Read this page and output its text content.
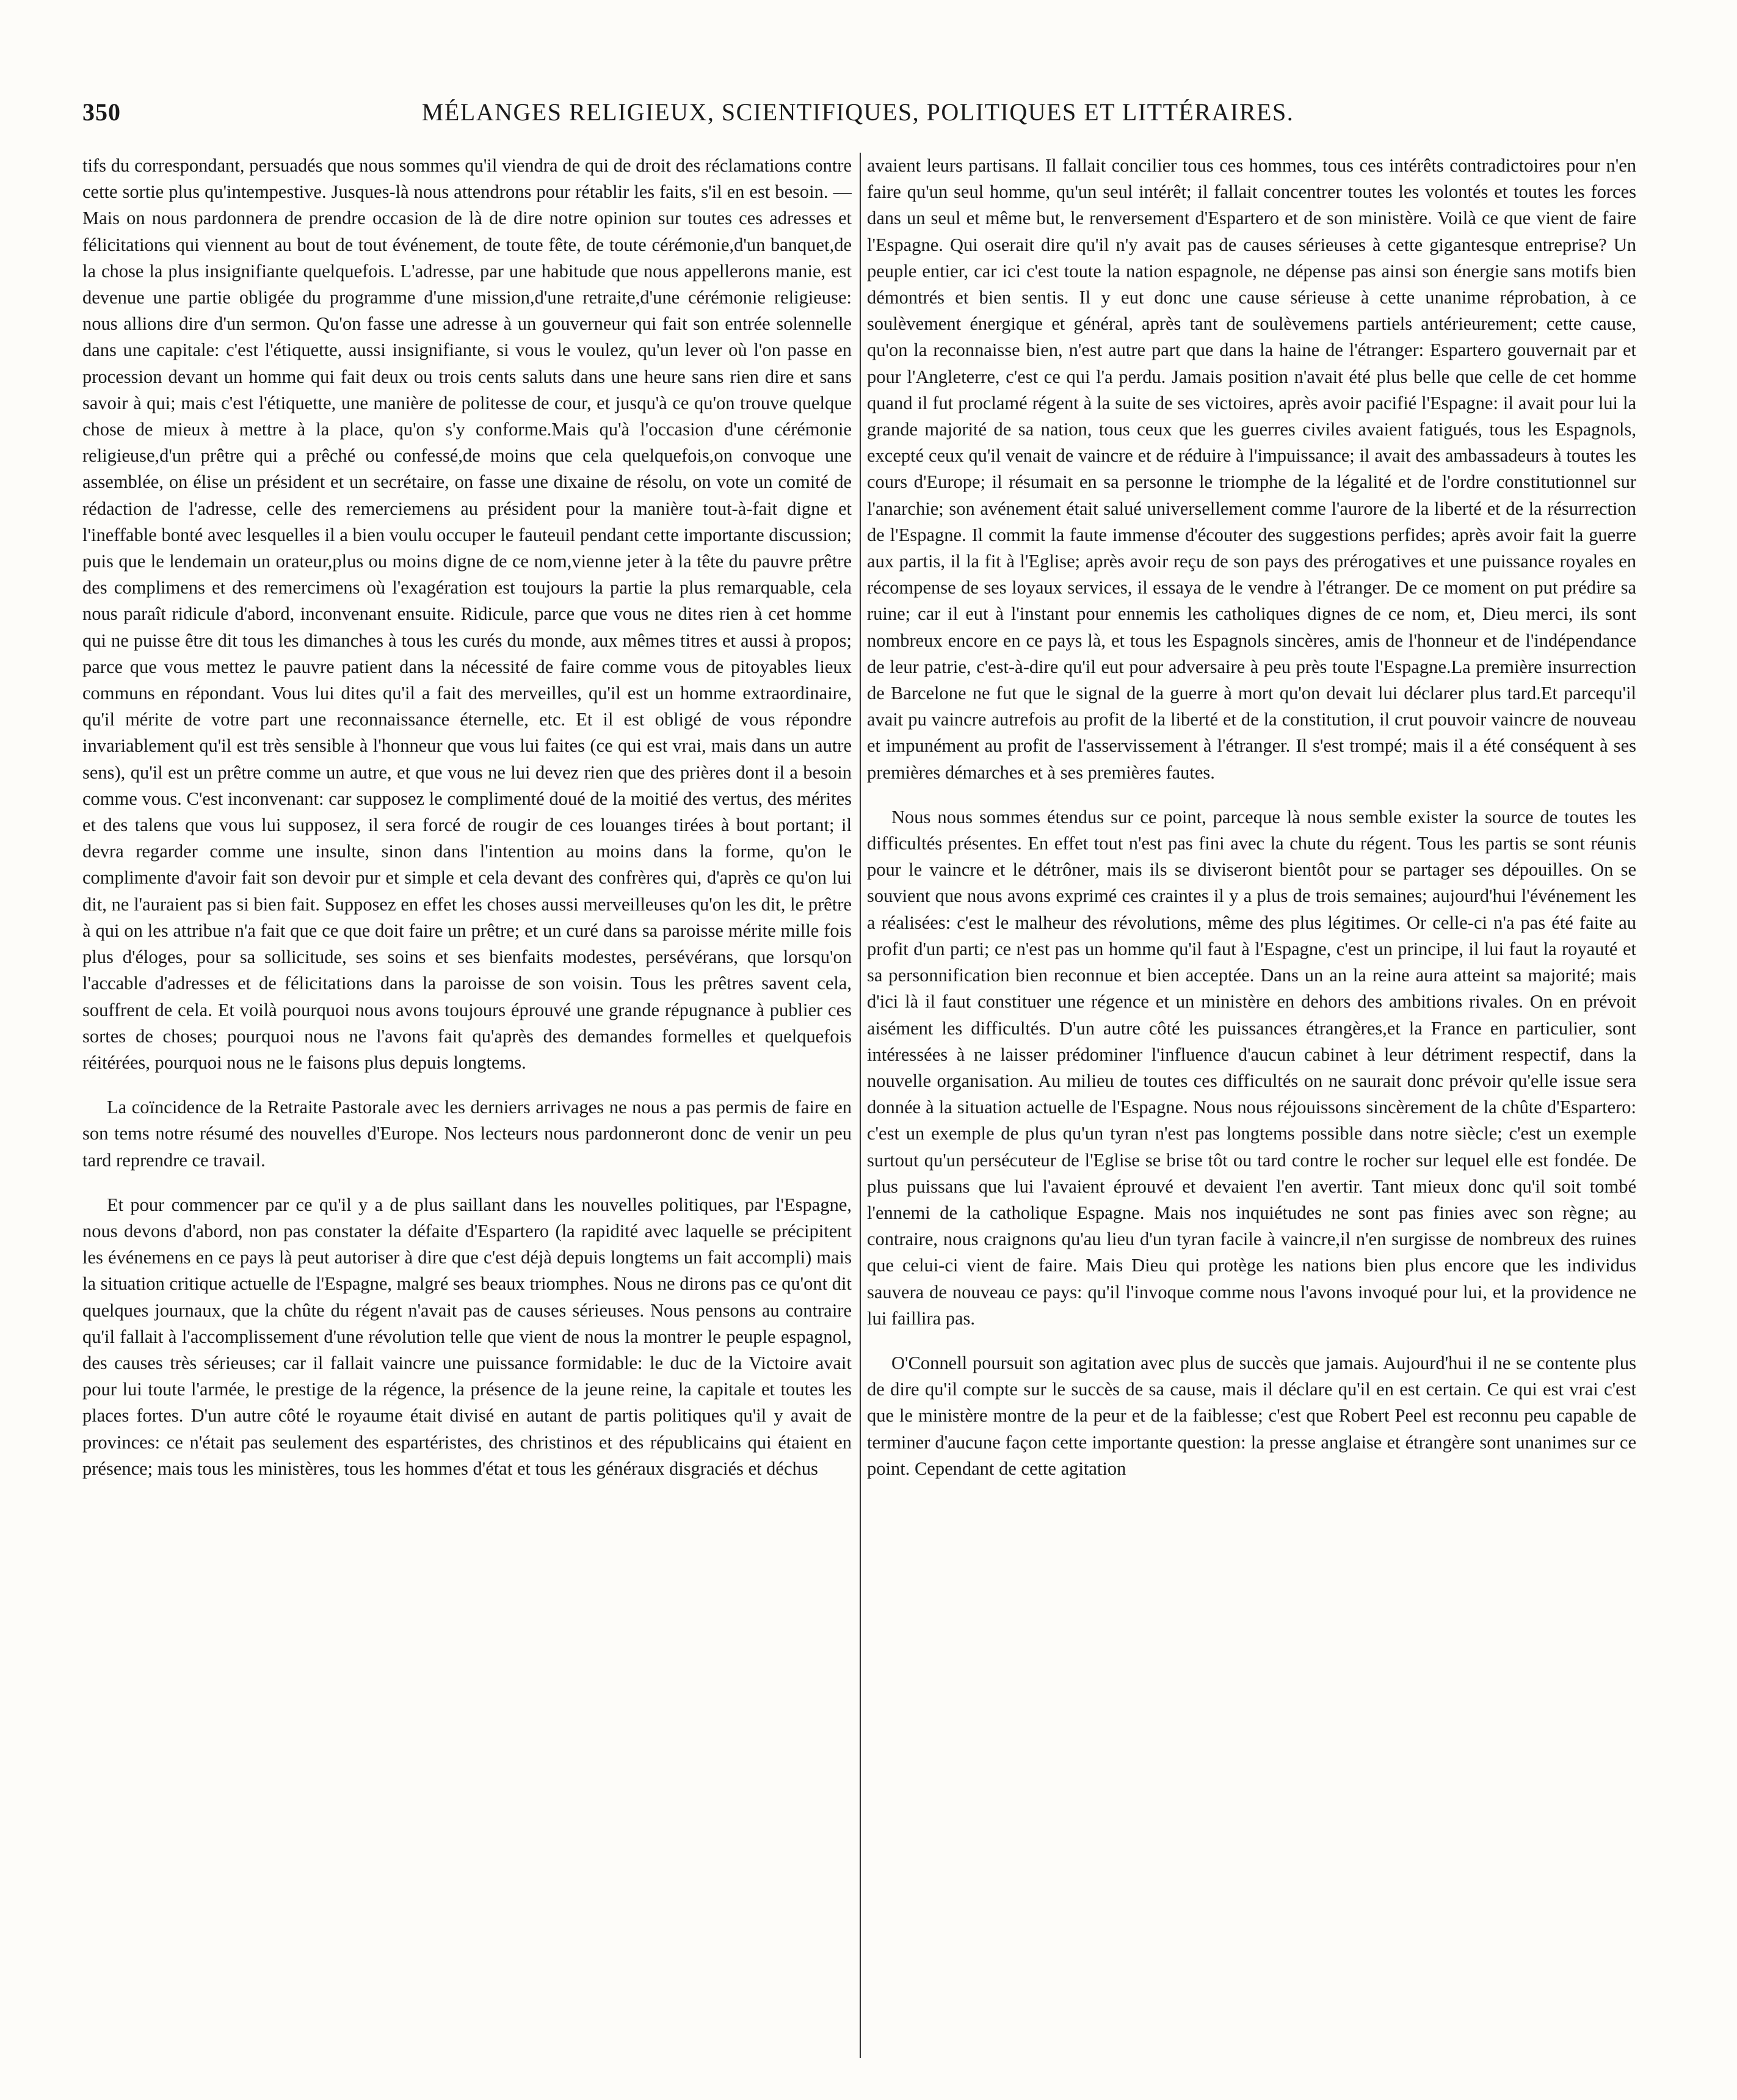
350	MÉLANGES RELIGIEUX, SCIENTIFIQUES, POLITIQUES ET LITTÉRAIRES.

tifs du correspondant, persuadés que nous sommes qu'il viendra de qui de droit des réclamations contre cette sortie plus qu'intempestive. Jusques-là nous attendrons pour rétablir les faits, s'il en est besoin. —Mais on nous pardonnera de prendre occasion de là de dire notre opinion sur toutes ces adresses et félicitations qui viennent au bout de tout événement, de toute fête, de toute cérémonie,d'un banquet,de la chose la plus insignifiante quelquefois. L'adresse, par une habitude que nous appellerons manie, est devenue une partie obligée du programme d'une mission,d'une retraite,d'une cérémonie religieuse: nous allions dire d'un sermon. Qu'on fasse une adresse à un gouverneur qui fait son entrée solennelle dans une capitale: c'est l'étiquette, aussi insignifiante, si vous le voulez, qu'un lever où l'on passe en procession devant un homme qui fait deux ou trois cents saluts dans une heure sans rien dire et sans savoir à qui; mais c'est l'étiquette, une manière de politesse de cour, et jusqu'à ce qu'on trouve quelque chose de mieux à mettre à la place, qu'on s'y conforme.Mais qu'à l'occasion d'une cérémonie religieuse,d'un prêtre qui a prêché ou confessé,de moins que cela quelquefois,on convoque une assemblée, on élise un président et un secrétaire, on fasse une dixaine de résolu, on vote un comité de rédaction de l'adresse, celle des remerciemens au président pour la manière tout-à-fait digne et l'ineffable bonté avec lesquelles il a bien voulu occuper le fauteuil pendant cette importante discussion; puis que le lendemain un orateur,plus ou moins digne de ce nom,vienne jeter à la tête du pauvre prêtre des complimens et des remercimens où l'exagération est toujours la partie la plus remarquable, cela nous paraît ridicule d'abord, inconvenant ensuite. Ridicule, parce que vous ne dites rien à cet homme qui ne puisse être dit tous les dimanches à tous les curés du monde, aux mêmes titres et aussi à propos; parce que vous mettez le pauvre patient dans la nécessité de faire comme vous de pitoyables lieux communs en répondant. Vous lui dites qu'il a fait des merveilles, qu'il est un homme extraordinaire, qu'il mérite de votre part une reconnaissance éternelle, etc. Et il est obligé de vous répondre invariablement qu'il est très sensible à l'honneur que vous lui faites (ce qui est vrai, mais dans un autre sens), qu'il est un prêtre comme un autre, et que vous ne lui devez rien que des prières dont il a besoin comme vous. C'est inconvenant: car supposez le complimenté doué de la moitié des vertus, des mérites et des talens que vous lui supposez, il sera forcé de rougir de ces louanges tirées à bout portant; il devra regarder comme une insulte, sinon dans l'intention au moins dans la forme, qu'on le complimente d'avoir fait son devoir pur et simple et cela devant des confrères qui, d'après ce qu'on lui dit, ne l'auraient pas si bien fait. Supposez en effet les choses aussi merveilleuses qu'on les dit, le prêtre à qui on les attribue n'a fait que ce que doit faire un prêtre; et un curé dans sa paroisse mérite mille fois plus d'éloges, pour sa sollicitude, ses soins et ses bienfaits modestes, persévérans, que lorsqu'on l'accable d'adresses et de félicitations dans la paroisse de son voisin. Tous les prêtres savent cela, souffrent de cela. Et voilà pourquoi nous avons toujours éprouvé une grande répugnance à publier ces sortes de choses; pourquoi nous ne l'avons fait qu'après des demandes formelles et quelquefois réitérées, pourquoi nous ne le faisons plus depuis longtems.

La coïncidence de la Retraite Pastorale avec les derniers arrivages ne nous a pas permis de faire en son tems notre résumé des nouvelles d'Europe. Nos lecteurs nous pardonneront donc de venir un peu tard reprendre ce travail.

Et pour commencer par ce qu'il y a de plus saillant dans les nouvelles politiques, par l'Espagne, nous devons d'abord, non pas constater la défaite d'Espartero (la rapidité avec laquelle se précipitent les événemens en ce pays là peut autoriser à dire que c'est déjà depuis longtems un fait accompli) mais la situation critique actuelle de l'Espagne, malgré ses beaux triomphes. Nous ne dirons pas ce qu'ont dit quelques journaux, que la chûte du régent n'avait pas de causes sérieuses. Nous pensons au contraire qu'il fallait à l'accomplissement d'une révolution telle que vient de nous la montrer le peuple espagnol, des causes très sérieuses; car il fallait vaincre une puissance formidable: le duc de la Victoire avait pour lui toute l'armée, le prestige de la régence, la présence de la jeune reine, la capitale et toutes les places fortes. D'un autre côté le royaume était divisé en autant de partis politiques qu'il y avait de provinces: ce n'était pas seulement des espartéristes, des christinos et des républicains qui étaient en présence; mais tous les ministères, tous les hommes d'état et tous les généraux disgraciés et déchus

avaient leurs partisans. Il fallait concilier tous ces hommes, tous ces intérêts contradictoires pour n'en faire qu'un seul homme, qu'un seul intérêt; il fallait concentrer toutes les volontés et toutes les forces dans un seul et même but, le renversement d'Espartero et de son ministère. Voilà ce que vient de faire l'Espagne. Qui oserait dire qu'il n'y avait pas de causes sérieuses à cette gigantesque entreprise? Un peuple entier, car ici c'est toute la nation espagnole, ne dépense pas ainsi son énergie sans motifs bien démontrés et bien sentis. Il y eut donc une cause sérieuse à cette unanime réprobation, à ce soulèvement énergique et général, après tant de soulèvemens partiels antérieurement; cette cause, qu'on la reconnaisse bien, n'est autre part que dans la haine de l'étranger: Espartero gouvernait par et pour l'Angleterre, c'est ce qui l'a perdu. Jamais position n'avait été plus belle que celle de cet homme quand il fut proclamé régent à la suite de ses victoires, après avoir pacifié l'Espagne: il avait pour lui la grande majorité de sa nation, tous ceux que les guerres civiles avaient fatigués, tous les Espagnols, excepté ceux qu'il venait de vaincre et de réduire à l'impuissance; il avait des ambassadeurs à toutes les cours d'Europe; il résumait en sa personne le triomphe de la légalité et de l'ordre constitutionnel sur l'anarchie; son avénement était salué universellement comme l'aurore de la liberté et de la résurrection de l'Espagne. Il commit la faute immense d'écouter des suggestions perfides; après avoir fait la guerre aux partis, il la fit à l'Eglise; après avoir reçu de son pays des prérogatives et une puissance royales en récompense de ses loyaux services, il essaya de le vendre à l'étranger. De ce moment on put prédire sa ruine; car il eut à l'instant pour ennemis les catholiques dignes de ce nom, et, Dieu merci, ils sont nombreux encore en ce pays là, et tous les Espagnols sincères, amis de l'honneur et de l'indépendance de leur patrie, c'est-à-dire qu'il eut pour adversaire à peu près toute l'Espagne.La première insurrection de Barcelone ne fut que le signal de la guerre à mort qu'on devait lui déclarer plus tard.Et parcequ'il avait pu vaincre autrefois au profit de la liberté et de la constitution, il crut pouvoir vaincre de nouveau et impunément au profit de l'asservissement à l'étranger. Il s'est trompé; mais il a été conséquent à ses premières démarches et à ses premières fautes.

Nous nous sommes étendus sur ce point, parceque là nous semble exister la source de toutes les difficultés présentes. En effet tout n'est pas fini avec la chute du régent. Tous les partis se sont réunis pour le vaincre et le détrôner, mais ils se diviseront bientôt pour se partager ses dépouilles. On se souvient que nous avons exprimé ces craintes il y a plus de trois semaines; aujourd'hui l'événement les a réalisées: c'est le malheur des révolutions, même des plus légitimes. Or celle-ci n'a pas été faite au profit d'un parti; ce n'est pas un homme qu'il faut à l'Espagne, c'est un principe, il lui faut la royauté et sa personnification bien reconnue et bien acceptée. Dans un an la reine aura atteint sa majorité; mais d'ici là il faut constituer une régence et un ministère en dehors des ambitions rivales. On en prévoit aisément les difficultés. D'un autre côté les puissances étrangères,et la France en particulier, sont intéressées à ne laisser prédominer l'influence d'aucun cabinet à leur détriment respectif, dans la nouvelle organisation. Au milieu de toutes ces difficultés on ne saurait donc prévoir qu'elle issue sera donnée à la situation actuelle de l'Espagne. Nous nous réjouissons sincèrement de la chûte d'Espartero: c'est un exemple de plus qu'un tyran n'est pas longtems possible dans notre siècle; c'est un exemple surtout qu'un persécuteur de l'Eglise se brise tôt ou tard contre le rocher sur lequel elle est fondée. De plus puissans que lui l'avaient éprouvé et devaient l'en avertir. Tant mieux donc qu'il soit tombé l'ennemi de la catholique Espagne. Mais nos inquiétudes ne sont pas finies avec son règne; au contraire, nous craignons qu'au lieu d'un tyran facile à vaincre,il n'en surgisse de nombreux des ruines que celui-ci vient de faire. Mais Dieu qui protège les nations bien plus encore que les individus sauvera de nouveau ce pays: qu'il l'invoque comme nous l'avons invoqué pour lui, et la providence ne lui faillira pas.

O'Connell poursuit son agitation avec plus de succès que jamais. Aujourd'hui il ne se contente plus de dire qu'il compte sur le succès de sa cause, mais il déclare qu'il en est certain. Ce qui est vrai c'est que le ministère montre de la peur et de la faiblesse; c'est que Robert Peel est reconnu peu capable de terminer d'aucune façon cette importante question: la presse anglaise et étrangère sont unanimes sur ce point. Cependant de cette agitation
